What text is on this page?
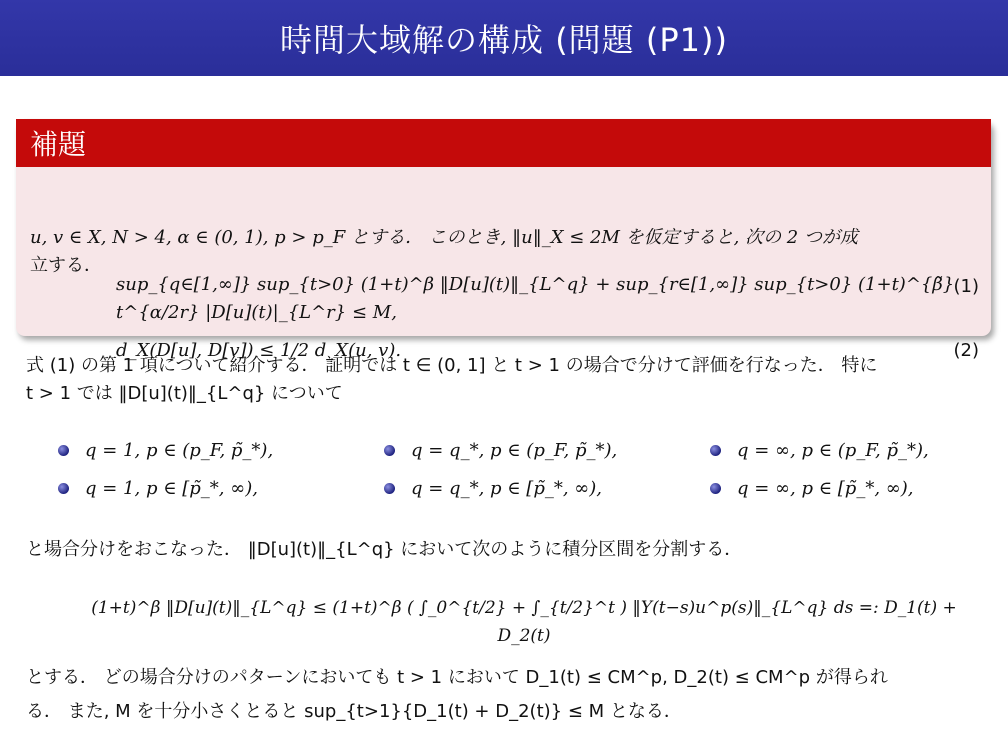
時間大域解の構成 (問題 (P1))
補題
u, v ∈ X, N > 4, α ∈ (0, 1), p > p_F とする． このとき, ‖u‖_X ≤ 2M を仮定すると, 次の 2 つが成
立する．
sup_{q∈[1,∞]} sup_{t>0} (1+t)^β ‖D[u](t)‖_{L^q} + sup_{r∈[1,∞]} sup_{t>0} (1+t)^{β̃} t^{α/2r} |D[u](t)|_{L^r} ≤ M,
(1)
d_X(D[u], D[v]) ≤ 1/2 d_X(u, v).	(2)
式 (1) の第 1 項について紹介する． 証明では t ∈ (0, 1] と t > 1 の場合で分けて評価を行なった． 特に
t > 1 では ‖D[u](t)‖_{L^q} について
q = 1, p ∈ (p_F, p̃_*),	q = q_*, p ∈ (p_F, p̃_*),	q = ∞, p ∈ (p_F, p̃_*),
q = 1, p ∈ [p̃_*, ∞),	q = q_*, p ∈ [p̃_*, ∞),	q = ∞, p ∈ [p̃_*, ∞),
と場合分けをおこなった． ‖D[u](t)‖_{L^q} において次のように積分区間を分割する．
(1+t)^β ‖D[u](t)‖_{L^q} ≤ (1+t)^β ( ∫_0^{t/2} + ∫_{t/2}^t ) ‖Y(t−s)u^p(s)‖_{L^q} ds =: D_1(t) + D_2(t)
とする． どの場合分けのパターンにおいても t > 1 において D_1(t) ≤ CM^p, D_2(t) ≤ CM^p が得られ
る． また, M を十分小さくとると sup_{t>1}{D_1(t) + D_2(t)} ≤ M となる．
